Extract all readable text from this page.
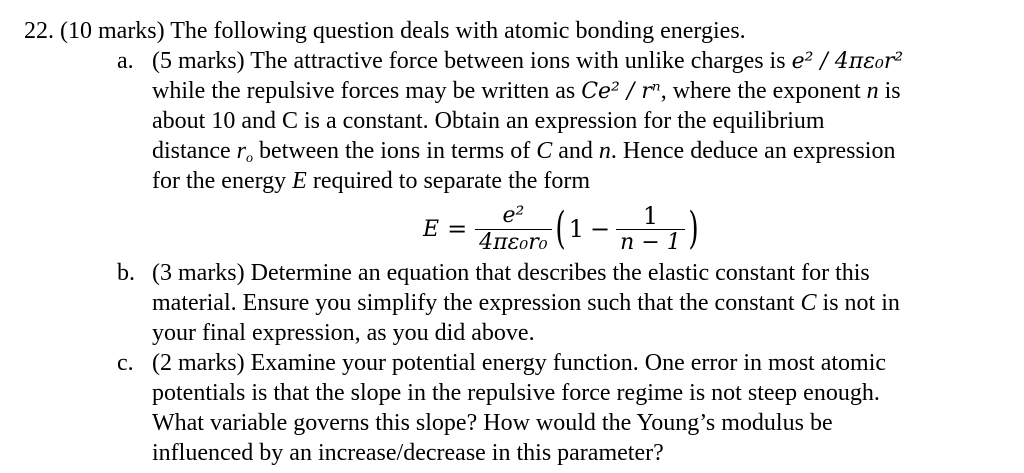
22. (10 marks) The following question deals with atomic bonding energies.
a. (5 marks) The attractive force between ions with unlike charges is e² / 4πε₀r²
while the repulsive forces may be written as Ce² / rⁿ, where the exponent n is
about 10 and C is a constant. Obtain an expression for the equilibrium
distance $r_o$ between the ions in terms of C and n. Hence deduce an expression
for the energy E required to separate the form
$E = \frac{\text{e²}}{\text{4πε₀r₀}}$ ( $1 - \frac{1}{n - 1}$ )
b. (3 marks) Determine an equation that describes the elastic constant for this
material. Ensure you simplify the expression such that the constant C is not in
your final expression, as you did above.
c. (2 marks) Examine your potential energy function. One error in most atomic
potentials is that the slope in the repulsive force regime is not steep enough.
What variable governs this slope? How would the Young’s modulus be
influenced by an increase/decrease in this parameter?
